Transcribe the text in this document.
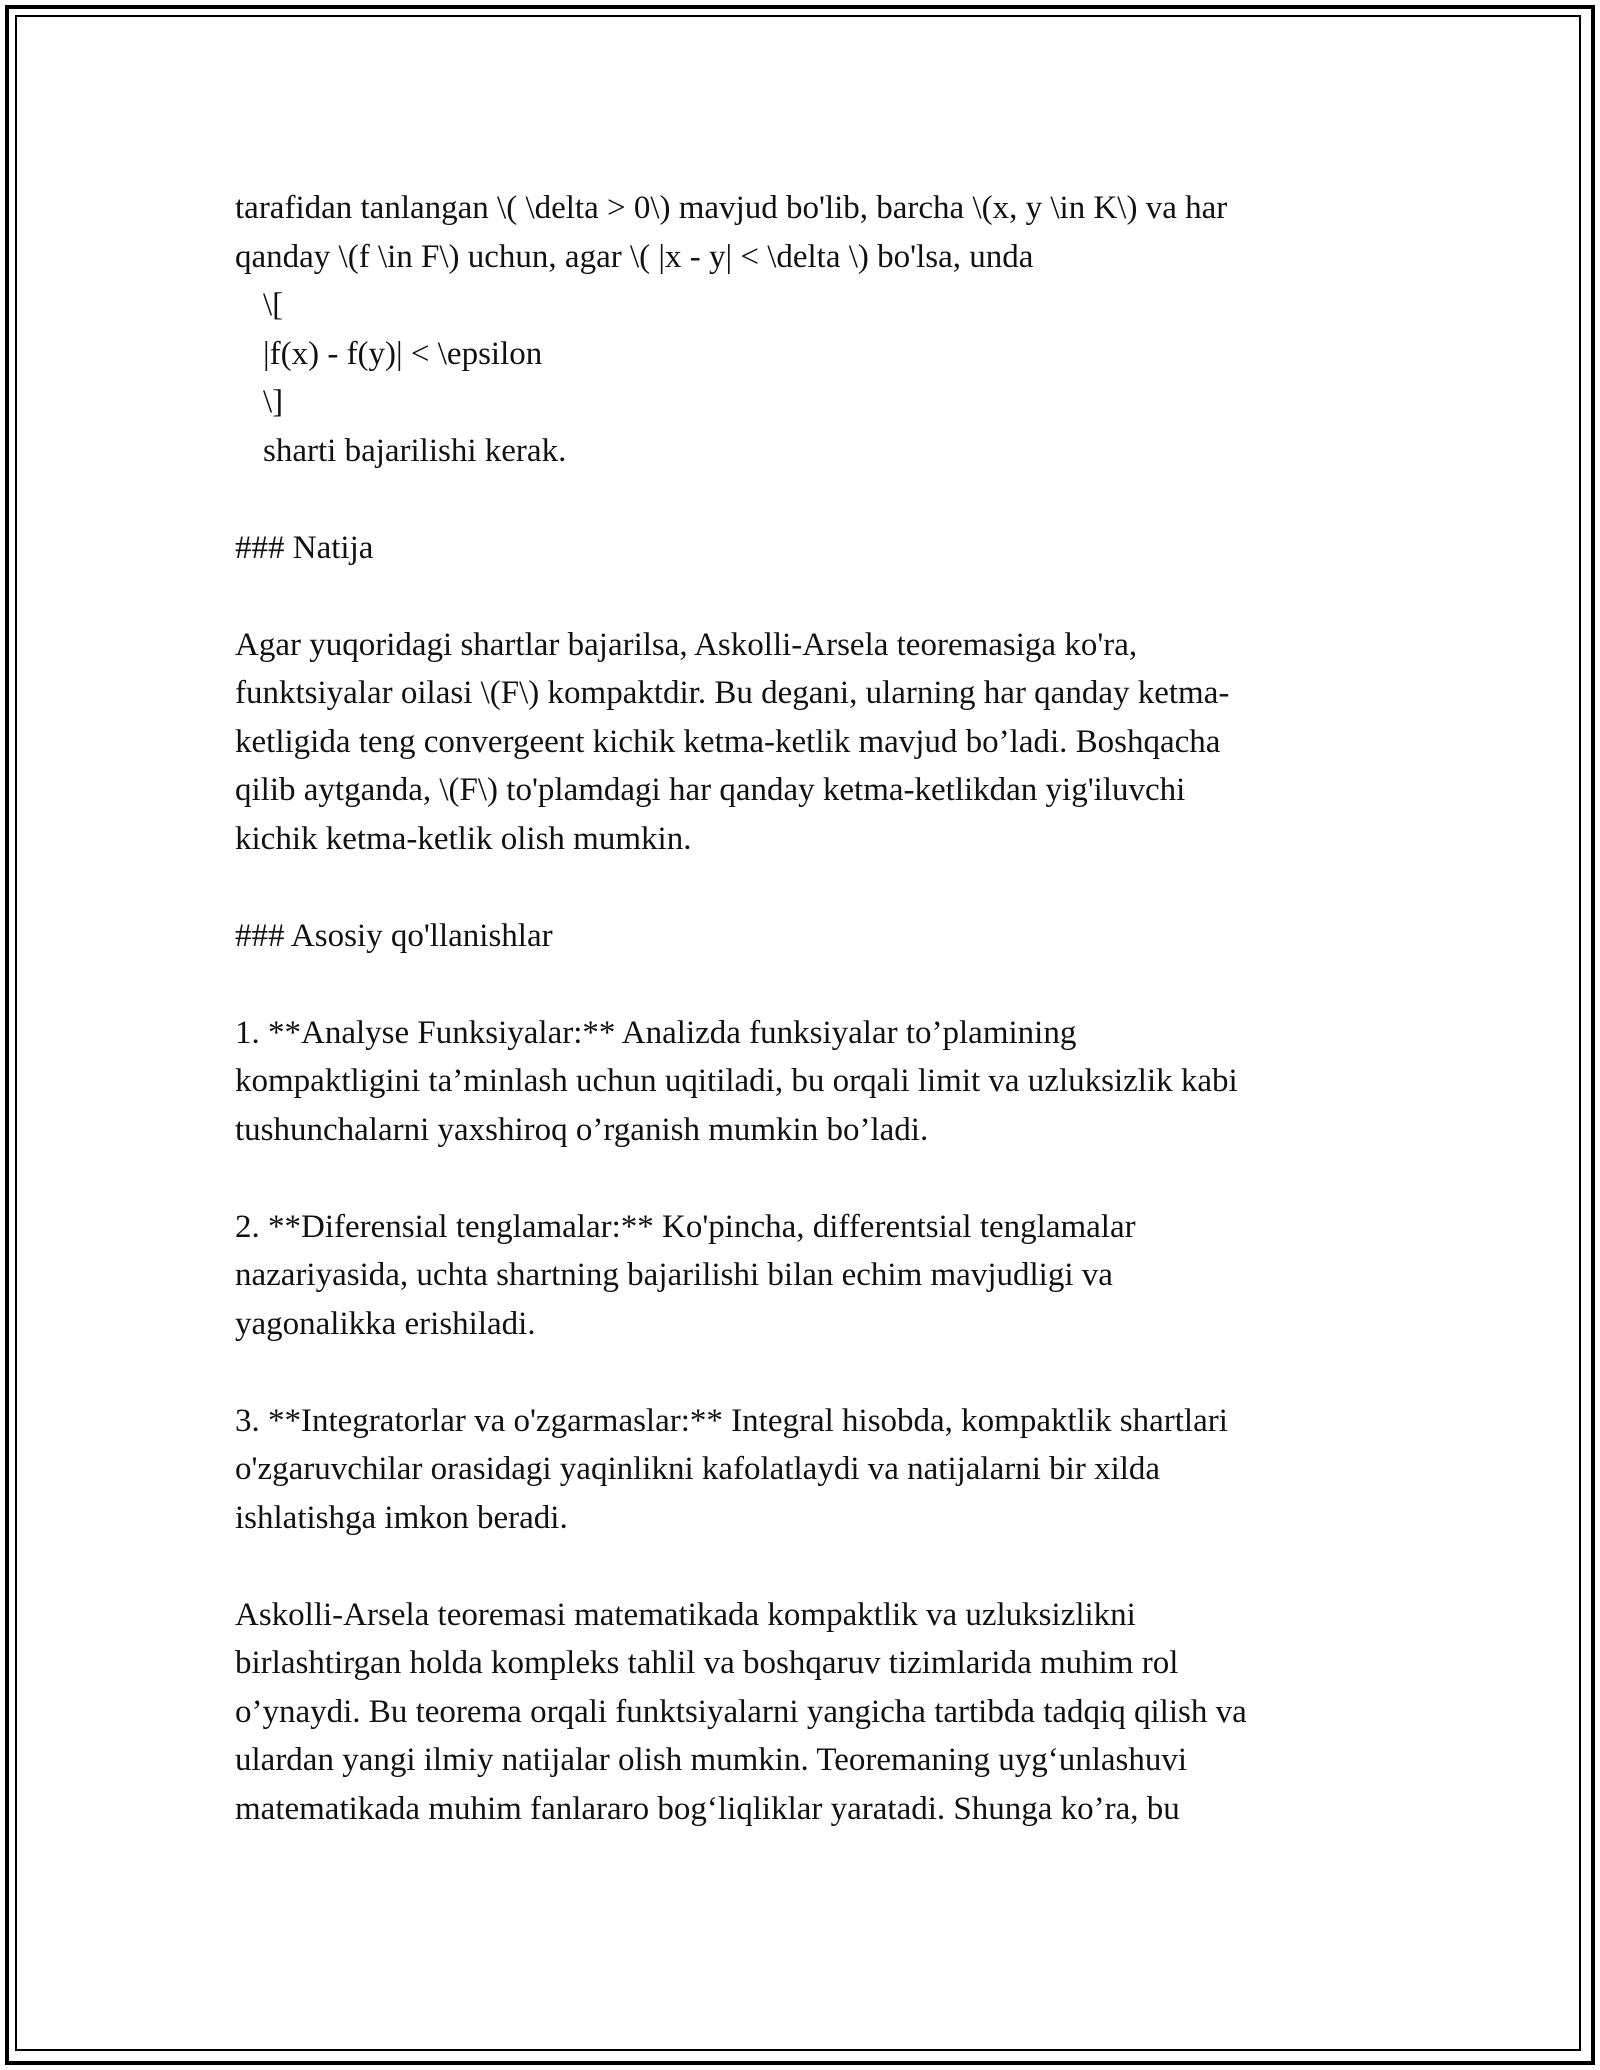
tarafidan tanlangan \( \delta > 0\) mavjud bo'lib, barcha \(x, y \in K\) va har

qanday \(f \in F\) uchun, agar \( |x - y| < \delta \) bo'lsa, unda

\[

|f(x) - f(y)| < \epsilon

\]

sharti bajarilishi kerak.

### Natija

Agar yuqoridagi shartlar bajarilsa, Askolli-Arsela teoremasiga ko'ra,

funktsiyalar oilasi \(F\) kompaktdir. Bu degani, ularning har qanday ketma-

ketligida teng convergeent kichik ketma-ketlik mavjud bo’ladi. Boshqacha

qilib aytganda, \(F\) to'plamdagi har qanday ketma-ketlikdan yig'iluvchi

kichik ketma-ketlik olish mumkin.

### Asosiy qo'llanishlar

1. **Analyse Funksiyalar:** Analizda funksiyalar to’plamining

kompaktligini ta’minlash uchun uqitiladi, bu orqali limit va uzluksizlik kabi

tushunchalarni yaxshiroq o’rganish mumkin bo’ladi.

2. **Diferensial tenglamalar:** Ko'pincha, differentsial tenglamalar

nazariyasida, uchta shartning bajarilishi bilan echim mavjudligi va

yagonalikka erishiladi.

3. **Integratorlar va o'zgarmaslar:** Integral hisobda, kompaktlik shartlari

o'zgaruvchilar orasidagi yaqinlikni kafolatlaydi va natijalarni bir xilda

ishlatishga imkon beradi.

Askolli-Arsela teoremasi matematikada kompaktlik va uzluksizlikni

birlashtirgan holda kompleks tahlil va boshqaruv tizimlarida muhim rol

o’ynaydi. Bu teorema orqali funktsiyalarni yangicha tartibda tadqiq qilish va

ulardan yangi ilmiy natijalar olish mumkin. Teoremaning uyg‘unlashuvi

matematikada muhim fanlararo bog‘liqliklar yaratadi. Shunga ko’ra, bu
